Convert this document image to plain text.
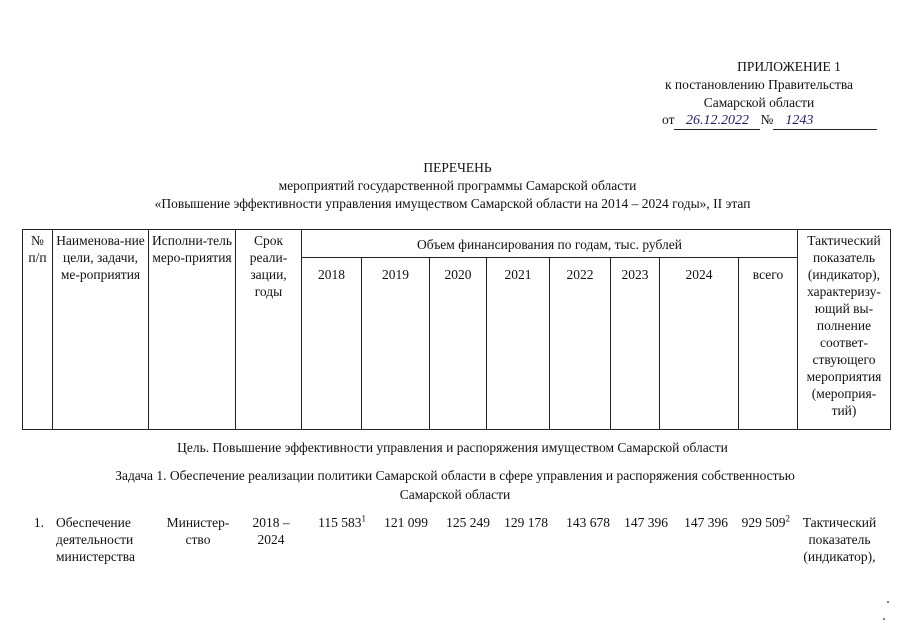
ПРИЛОЖЕНИЕ 1
к постановлению Правительства
Самарской области
от 26.12.2022 № 1243
ПЕРЕЧЕНЬ
мероприятий государственной программы Самарской области
«Повышение эффективности управления имуществом Самарской области на 2014 – 2024 годы», II этап
№ п/п	Наименова-ние цели, задачи, ме-роприятия	Исполни-тель меро-приятия	Срок реали-зации, годы	Объем финансирования по годам, тыс. рублей								Тактический показатель (индикатор), характеризу-ющий вы-полнение соответ-ствующего мероприятия (мероприя-тий)
				2018	2019	2020	2021	2022	2023	2024	всего	
Цель. Повышение эффективности управления и распоряжения имуществом Самарской области
Задача 1. Обеспечение реализации политики Самарской области в сфере управления и распоряжения собственностью
Самарской области
1.	Обеспечение деятельности министерства	Министер-ство	2018 – 2024	115 $583^1$	121 099	125 249	129 178	143 678	147 396	147 396	929 $509^2$	Тактический показатель (индикатор),
